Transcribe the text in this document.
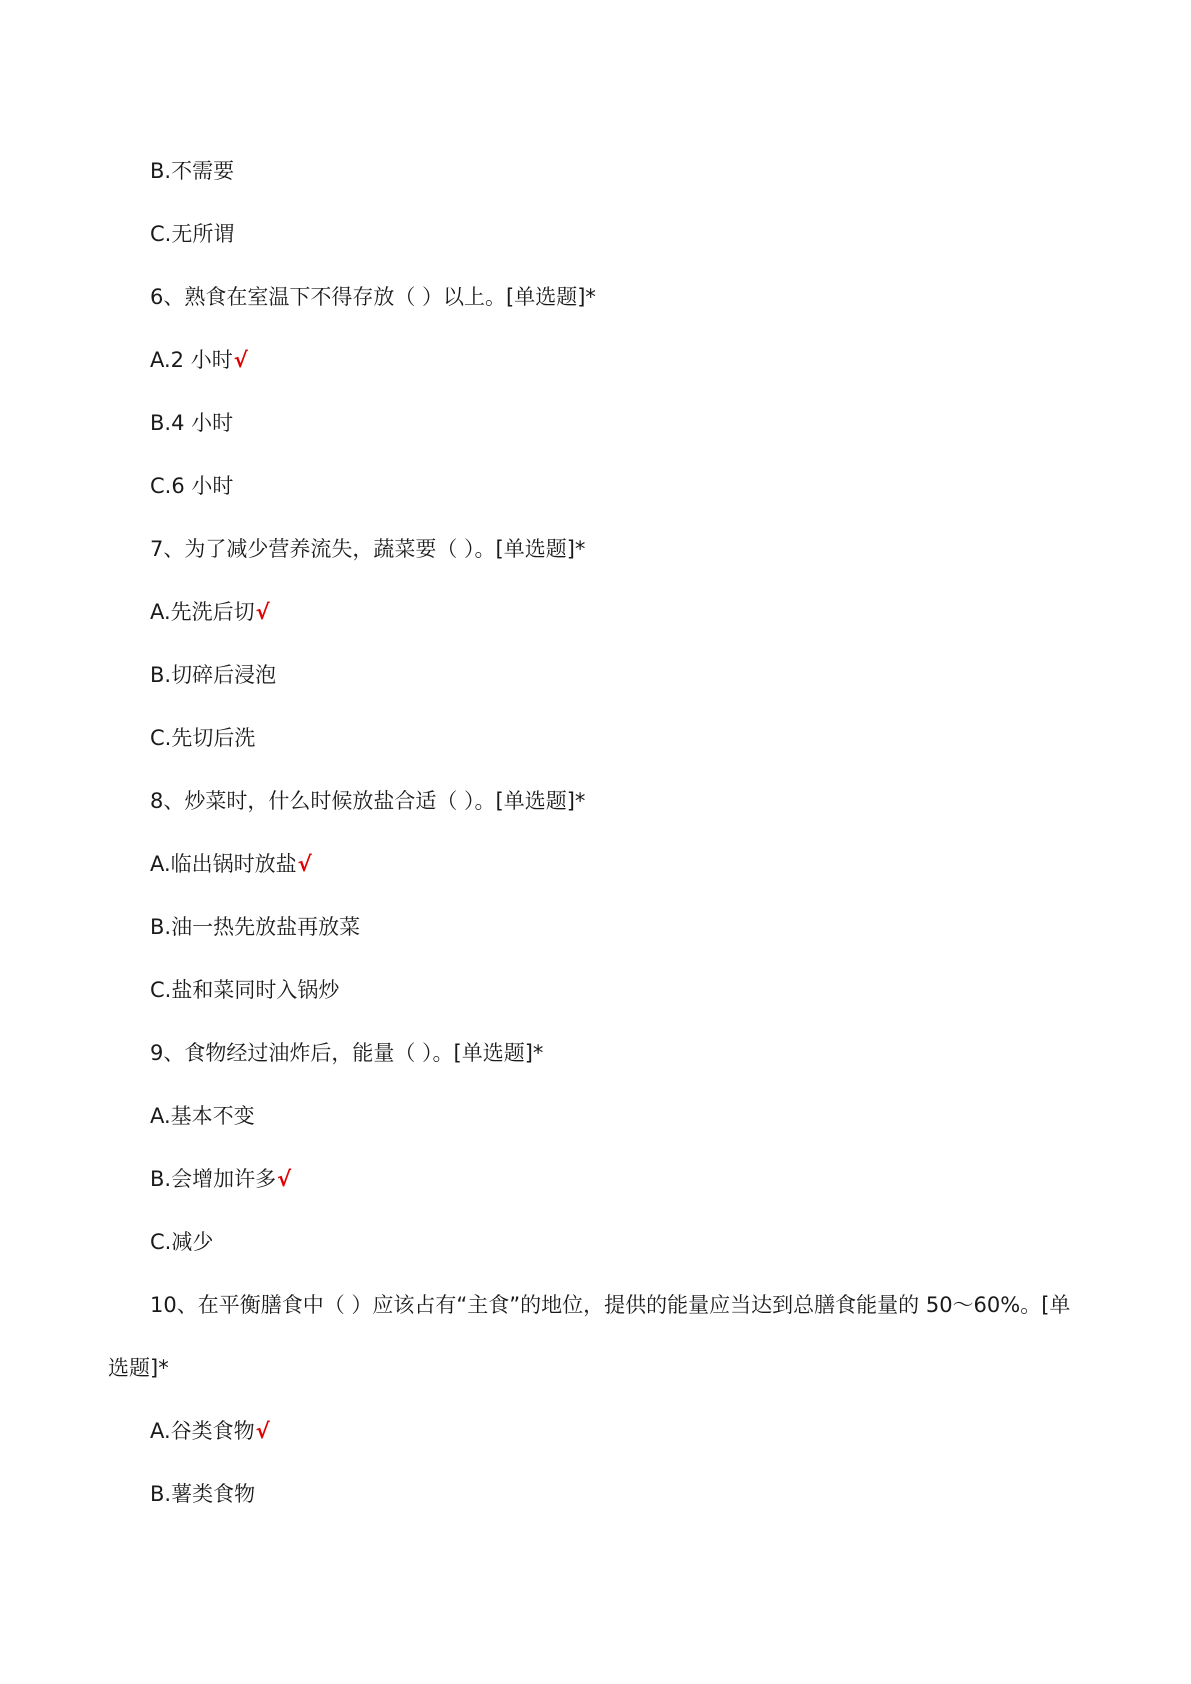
B.不需要
C.无所谓
6、熟食在室温下不得存放（ ）以上。[单选题]*
A.2 小时√
B.4 小时
C.6 小时
7、为了减少营养流失，蔬菜要（ ）。[单选题]*
A.先洗后切√
B.切碎后浸泡
C.先切后洗
8、炒菜时，什么时候放盐合适（ ）。[单选题]*
A.临出锅时放盐√
B.油一热先放盐再放菜
C.盐和菜同时入锅炒
9、食物经过油炸后，能量（ ）。[单选题]*
A.基本不变
B.会增加许多√
C.减少
10、在平衡膳食中（ ）应该占有“主食”的地位，提供的能量应当达到总膳食能量的 50～60%。[单
选题]*
A.谷类食物√
B.薯类食物
